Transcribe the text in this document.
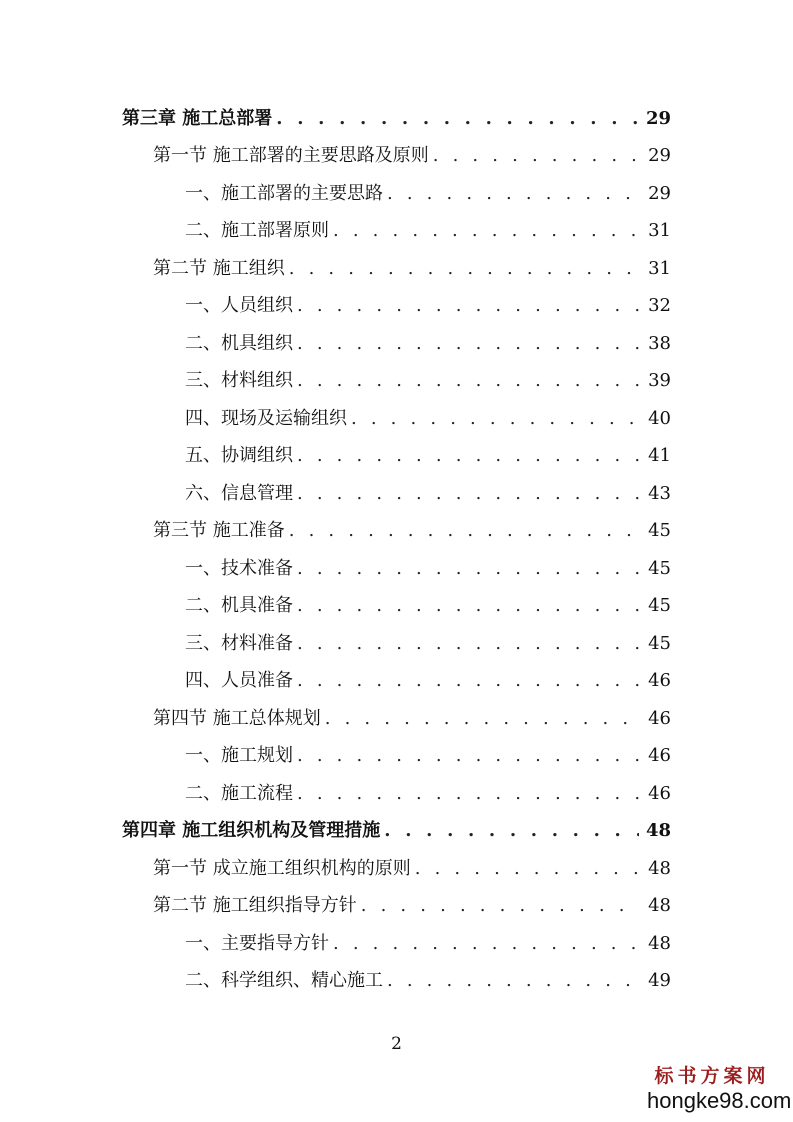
第三章 施工总部署 . . .	29
第一节 施工部署的主要思路及原则 . . .	29
一、施工部署的主要思路 . . .	29
二、施工部署原则 . . .	31
第二节 施工组织 . . .	31
一、人员组织 . . .	32
二、机具组织 . . .	38
三、材料组织 . . .	39
四、现场及运输组织 . . .	40
五、协调组织 . . .	41
六、信息管理 . . .	43
第三节 施工准备 . . .	45
一、技术准备 . . .	45
二、机具准备 . . .	45
三、材料准备 . . .	45
四、人员准备 . . .	46
第四节 施工总体规划 . . .	46
一、施工规划 . . .	46
二、施工流程 . . .	46
第四章 施工组织机构及管理措施 . . .	48
第一节 成立施工组织机构的原则 . . .	48
第二节 施工组织指导方针 . . .	48
一、主要指导方针 . . .	48
二、科学组织、精心施工 . . .	49
2
标书方案网
hongke98.com
